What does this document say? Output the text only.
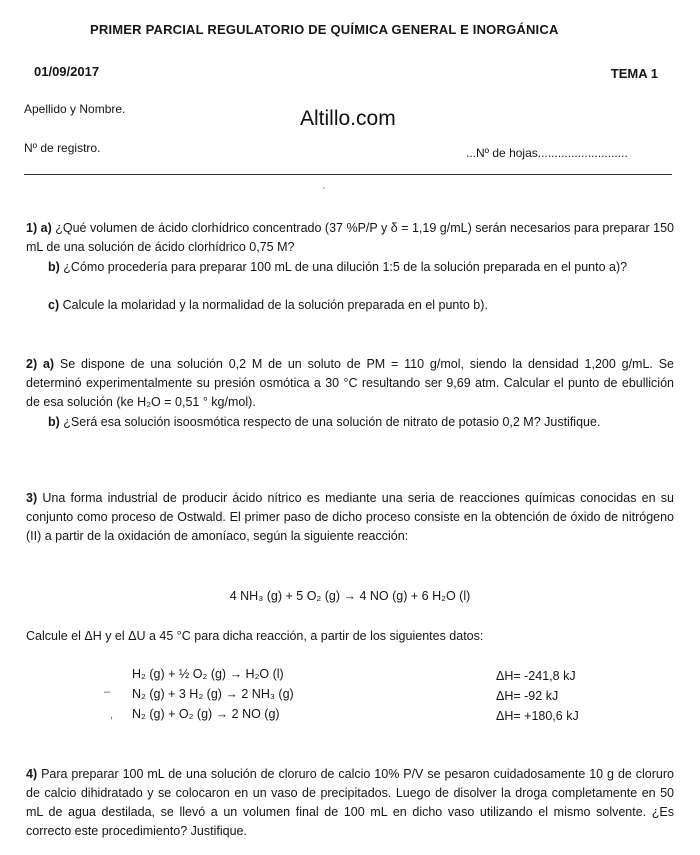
PRIMER PARCIAL REGULATORIO DE QUÍMICA GENERAL E INORGÁNICA
01/09/2017	TEMA 1
Apellido y Nombre.	Altillo.com
Nº de registro.	...Nº de hojas...........................
·
1) a) ¿Qué volumen de ácido clorhídrico concentrado (37 %P/P y δ = 1,19 g/mL) serán necesarios para preparar 150 mL de una solución de ácido clorhídrico 0,75 M?
b) ¿Cómo procedería para preparar 100 mL de una dilución 1:5 de la solución preparada en el punto a)?
c) Calcule la molaridad y la normalidad de la solución preparada en el punto b).
2) a) Se dispone de una solución 0,2 M de un soluto de PM = 110 g/mol, siendo la densidad 1,200 g/mL. Se determinó experimentalmente su presión osmótica a 30 °C resultando ser 9,69 atm. Calcular el punto de ebullición de esa solución (ke H₂O = 0,51 ° kg/mol).
b) ¿Será esa solución isoosmótica respecto de una solución de nitrato de potasio 0,2 M? Justifique.
3) Una forma industrial de producir ácido nítrico es mediante una seria de reacciones químicas conocidas en su conjunto como proceso de Ostwald. El primer paso de dicho proceso consiste en la obtención de óxido de nitrógeno (II) a partir de la oxidación de amoníaco, según la siguiente reacción:
4 NH₃ (g) + 5 O₂ (g) → 4 NO (g) + 6 H₂O (l)
Calcule el ΔH y el ΔU a 45 °C para dicha reacción, a partir de los siguientes datos:
H₂ (g) + ½ O₂ (g) → H₂O (l)	ΔH= -241,8 kJ
N₂ (g) + 3 H₂ (g) → 2 NH₃ (g)	ΔH= -92 kJ
N₂ (g) + O₂ (g) → 2 NO (g)	ΔH= +180,6 kJ
–
,
4) Para preparar 100 mL de una solución de cloruro de calcio 10% P/V se pesaron cuidadosamente 10 g de cloruro de calcio dihidratado y se colocaron en un vaso de precipitados. Luego de disolver la droga completamente en 50 mL de agua destilada, se llevó a un volumen final de 100 mL en dicho vaso utilizando el mismo solvente. ¿Es correcto este procedimiento? Justifique.
